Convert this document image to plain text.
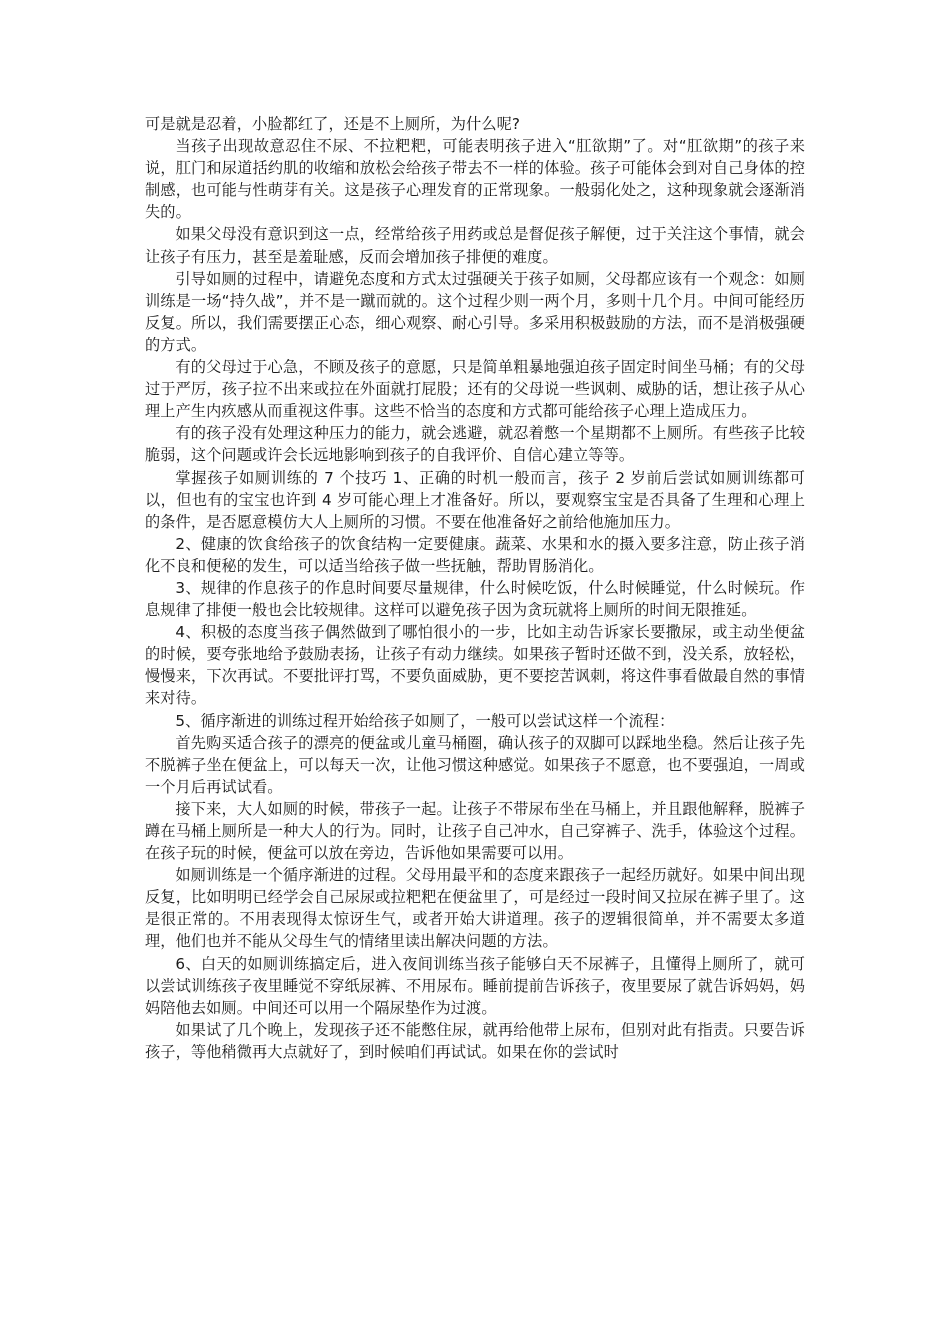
可是就是忍着，小脸都红了，还是不上厕所，为什么呢?

当孩子出现故意忍住不尿、不拉粑粑，可能表明孩子进入“肛欲期”了。对“肛欲期”的孩子来说，肛门和尿道括约肌的收缩和放松会给孩子带去不一样的体验。孩子可能体会到对自己身体的控制感，也可能与性萌芽有关。这是孩子心理发育的正常现象。一般弱化处之，这种现象就会逐渐消失的。

如果父母没有意识到这一点，经常给孩子用药或总是督促孩子解便，过于关注这个事情，就会让孩子有压力，甚至是羞耻感，反而会增加孩子排便的难度。

引导如厕的过程中，请避免态度和方式太过强硬关于孩子如厕，父母都应该有一个观念：如厕训练是一场“持久战”，并不是一蹴而就的。这个过程少则一两个月，多则十几个月。中间可能经历反复。所以，我们需要摆正心态，细心观察、耐心引导。多采用积极鼓励的方法，而不是消极强硬的方式。

有的父母过于心急，不顾及孩子的意愿，只是简单粗暴地强迫孩子固定时间坐马桶；有的父母过于严厉，孩子拉不出来或拉在外面就打屁股；还有的父母说一些讽刺、威胁的话，想让孩子从心理上产生内疚感从而重视这件事。这些不恰当的态度和方式都可能给孩子心理上造成压力。

有的孩子没有处理这种压力的能力，就会逃避，就忍着憋一个星期都不上厕所。有些孩子比较脆弱，这个问题或许会长远地影响到孩子的自我评价、自信心建立等等。

掌握孩子如厕训练的 7 个技巧 1、正确的时机一般而言，孩子 2 岁前后尝试如厕训练都可以，但也有的宝宝也许到 4 岁可能心理上才准备好。所以，要观察宝宝是否具备了生理和心理上的条件，是否愿意模仿大人上厕所的习惯。不要在他准备好之前给他施加压力。

2、健康的饮食给孩子的饮食结构一定要健康。蔬菜、水果和水的摄入要多注意，防止孩子消化不良和便秘的发生，可以适当给孩子做一些抚触，帮助胃肠消化。

3、规律的作息孩子的作息时间要尽量规律，什么时候吃饭，什么时候睡觉，什么时候玩。作息规律了排便一般也会比较规律。这样可以避免孩子因为贪玩就将上厕所的时间无限推延。

4、积极的态度当孩子偶然做到了哪怕很小的一步，比如主动告诉家长要撒尿，或主动坐便盆的时候，要夸张地给予鼓励表扬，让孩子有动力继续。如果孩子暂时还做不到，没关系，放轻松，慢慢来，下次再试。不要批评打骂，不要负面威胁，更不要挖苦讽刺，将这件事看做最自然的事情来对待。

5、循序渐进的训练过程开始给孩子如厕了，一般可以尝试这样一个流程：

首先购买适合孩子的漂亮的便盆或儿童马桶圈，确认孩子的双脚可以踩地坐稳。然后让孩子先不脱裤子坐在便盆上，可以每天一次，让他习惯这种感觉。如果孩子不愿意，也不要强迫，一周或一个月后再试试看。

接下来，大人如厕的时候，带孩子一起。让孩子不带尿布坐在马桶上，并且跟他解释，脱裤子蹲在马桶上厕所是一种大人的行为。同时，让孩子自己冲水，自己穿裤子、洗手，体验这个过程。在孩子玩的时候，便盆可以放在旁边，告诉他如果需要可以用。

如厕训练是一个循序渐进的过程。父母用最平和的态度来跟孩子一起经历就好。如果中间出现反复，比如明明已经学会自己尿尿或拉粑粑在便盆里了，可是经过一段时间又拉尿在裤子里了。这是很正常的。不用表现得太惊讶生气，或者开始大讲道理。孩子的逻辑很简单，并不需要太多道理，他们也并不能从父母生气的情绪里读出解决问题的方法。

6、白天的如厕训练搞定后，进入夜间训练当孩子能够白天不尿裤子，且懂得上厕所了，就可以尝试训练孩子夜里睡觉不穿纸尿裤、不用尿布。睡前提前告诉孩子，夜里要尿了就告诉妈妈，妈妈陪他去如厕。中间还可以用一个隔尿垫作为过渡。

如果试了几个晚上，发现孩子还不能憋住尿，就再给他带上尿布，但别对此有指责。只要告诉孩子，等他稍微再大点就好了，到时候咱们再试试。如果在你的尝试时
